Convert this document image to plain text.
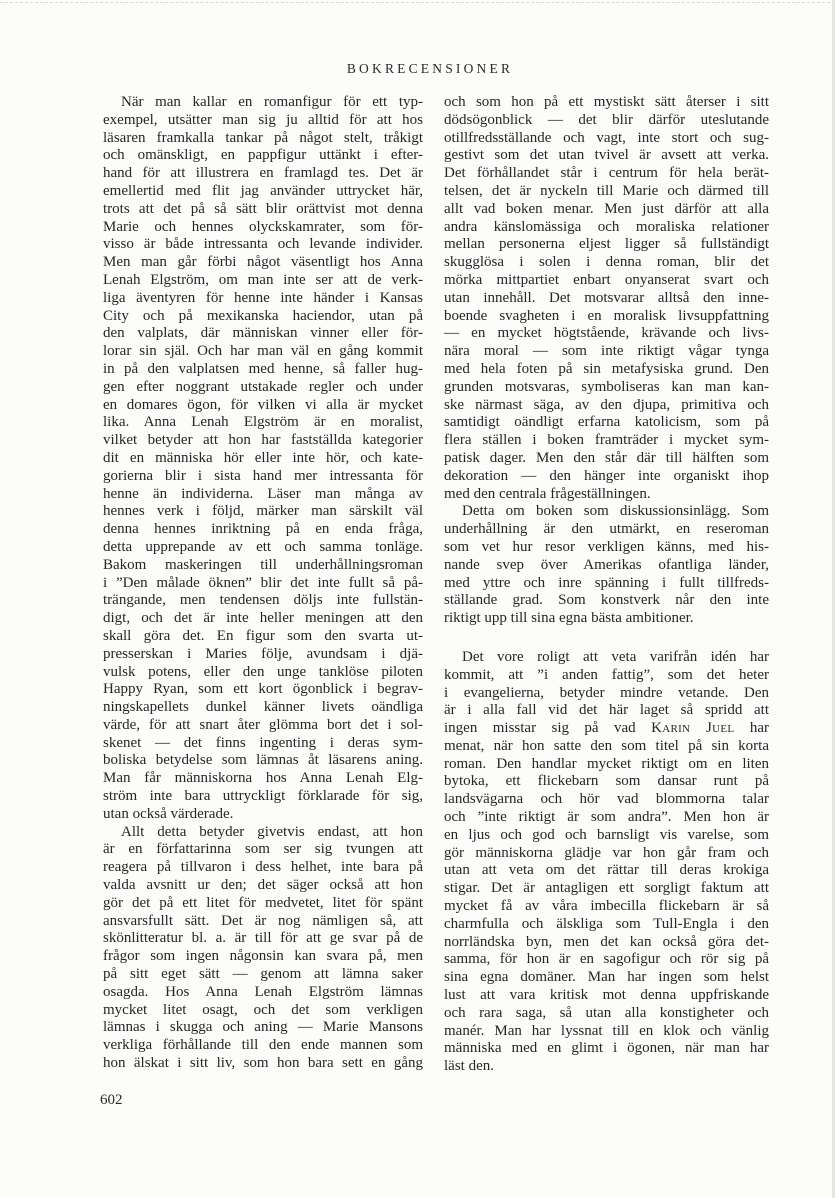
BOKRECENSIONER
När man kallar en romanfigur för ett typ-
exempel, utsätter man sig ju alltid för att hos
läsaren framkalla tankar på något stelt, tråkigt
och omänskligt, en pappfigur uttänkt i efter-
hand för att illustrera en framlagd tes. Det är
emellertid med flit jag använder uttrycket här,
trots att det på så sätt blir orättvist mot denna
Marie och hennes olyckskamrater, som för-
visso är både intressanta och levande individer.
Men man går förbi något väsentligt hos Anna
Lenah Elgström, om man inte ser att de verk-
liga äventyren för henne inte händer i Kansas
City och på mexikanska haciendor, utan på
den valplats, där människan vinner eller för-
lorar sin själ. Och har man väl en gång kommit
in på den valplatsen med henne, så faller hug-
gen efter noggrant utstakade regler och under
en domares ögon, för vilken vi alla är mycket
lika. Anna Lenah Elgström är en moralist,
vilket betyder att hon har fastställda kategorier
dit en människa hör eller inte hör, och kate-
gorierna blir i sista hand mer intressanta för
henne än individerna. Läser man många av
hennes verk i följd, märker man särskilt väl
denna hennes inriktning på en enda fråga,
detta upprepande av ett och samma tonläge.
Bakom maskeringen till underhållningsroman
i ”Den målade öknen” blir det inte fullt så på-
trängande, men tendensen döljs inte fullstän-
digt, och det är inte heller meningen att den
skall göra det. En figur som den svarta ut-
presserskan i Maries följe, avundsam i djä-
vulsk potens, eller den unge tanklöse piloten
Happy Ryan, som ett kort ögonblick i begrav-
ningskapellets dunkel känner livets oändliga
värde, för att snart åter glömma bort det i sol-
skenet — det finns ingenting i deras sym-
boliska betydelse som lämnas åt läsarens aning.
Man får människorna hos Anna Lenah Elg-
ström inte bara uttryckligt förklarade för sig,
utan också värderade.
Allt detta betyder givetvis endast, att hon
är en författarinna som ser sig tvungen att
reagera på tillvaron i dess helhet, inte bara på
valda avsnitt ur den; det säger också att hon
gör det på ett litet för medvetet, litet för spänt
ansvarsfullt sätt. Det är nog nämligen så, att
skönlitteratur bl. a. är till för att ge svar på de
frågor som ingen någonsin kan svara på, men
på sitt eget sätt — genom att lämna saker
osagda. Hos Anna Lenah Elgström lämnas
mycket litet osagt, och det som verkligen
lämnas i skugga och aning — Marie Mansons
verkliga förhållande till den ende mannen som
hon älskat i sitt liv, som hon bara sett en gång
och som hon på ett mystiskt sätt återser i sitt
dödsögonblick — det blir därför uteslutande
otillfredsställande och vagt, inte stort och sug-
gestivt som det utan tvivel är avsett att verka.
Det förhållandet står i centrum för hela berät-
telsen, det är nyckeln till Marie och därmed till
allt vad boken menar. Men just därför att alla
andra känslomässiga och moraliska relationer
mellan personerna eljest ligger så fullständigt
skugglösa i solen i denna roman, blir det
mörka mittpartiet enbart onyanserat svart och
utan innehåll. Det motsvarar alltså den inne-
boende svagheten i en moralisk livsuppfattning
— en mycket högtstående, krävande och livs-
nära moral — som inte riktigt vågar tynga
med hela foten på sin metafysiska grund. Den
grunden motsvaras, symboliseras kan man kan-
ske närmast säga, av den djupa, primitiva och
samtidigt oändligt erfarna katolicism, som på
flera ställen i boken framträder i mycket sym-
patisk dager. Men den står där till hälften som
dekoration — den hänger inte organiskt ihop
med den centrala frågeställningen.
Detta om boken som diskussionsinlägg. Som
underhållning är den utmärkt, en reseroman
som vet hur resor verkligen känns, med his-
nande svep över Amerikas ofantliga länder,
med yttre och inre spänning i fullt tillfreds-
ställande grad. Som konstverk når den inte
riktigt upp till sina egna bästa ambitioner.
Det vore roligt att veta varifrån idén har
kommit, att ”i anden fattig”, som det heter
i evangelierna, betyder mindre vetande. Den
är i alla fall vid det här laget så spridd att
ingen misstar sig på vad Karin Juel har
menat, när hon satte den som titel på sin korta
roman. Den handlar mycket riktigt om en liten
bytoka, ett flickebarn som dansar runt på
landsvägarna och hör vad blommorna talar
och ”inte riktigt är som andra”. Men hon är
en ljus och god och barnsligt vis varelse, som
gör människorna glädje var hon går fram och
utan att veta om det rättar till deras krokiga
stigar. Det är antagligen ett sorgligt faktum att
mycket få av våra imbecilla flickebarn är så
charmfulla och älskliga som Tull-Engla i den
norrländska byn, men det kan också göra det-
samma, för hon är en sagofigur och rör sig på
sina egna domäner. Man har ingen som helst
lust att vara kritisk mot denna uppfriskande
och rara saga, så utan alla konstigheter och
manér. Man har lyssnat till en klok och vänlig
människa med en glimt i ögonen, när man har
läst den.
602
